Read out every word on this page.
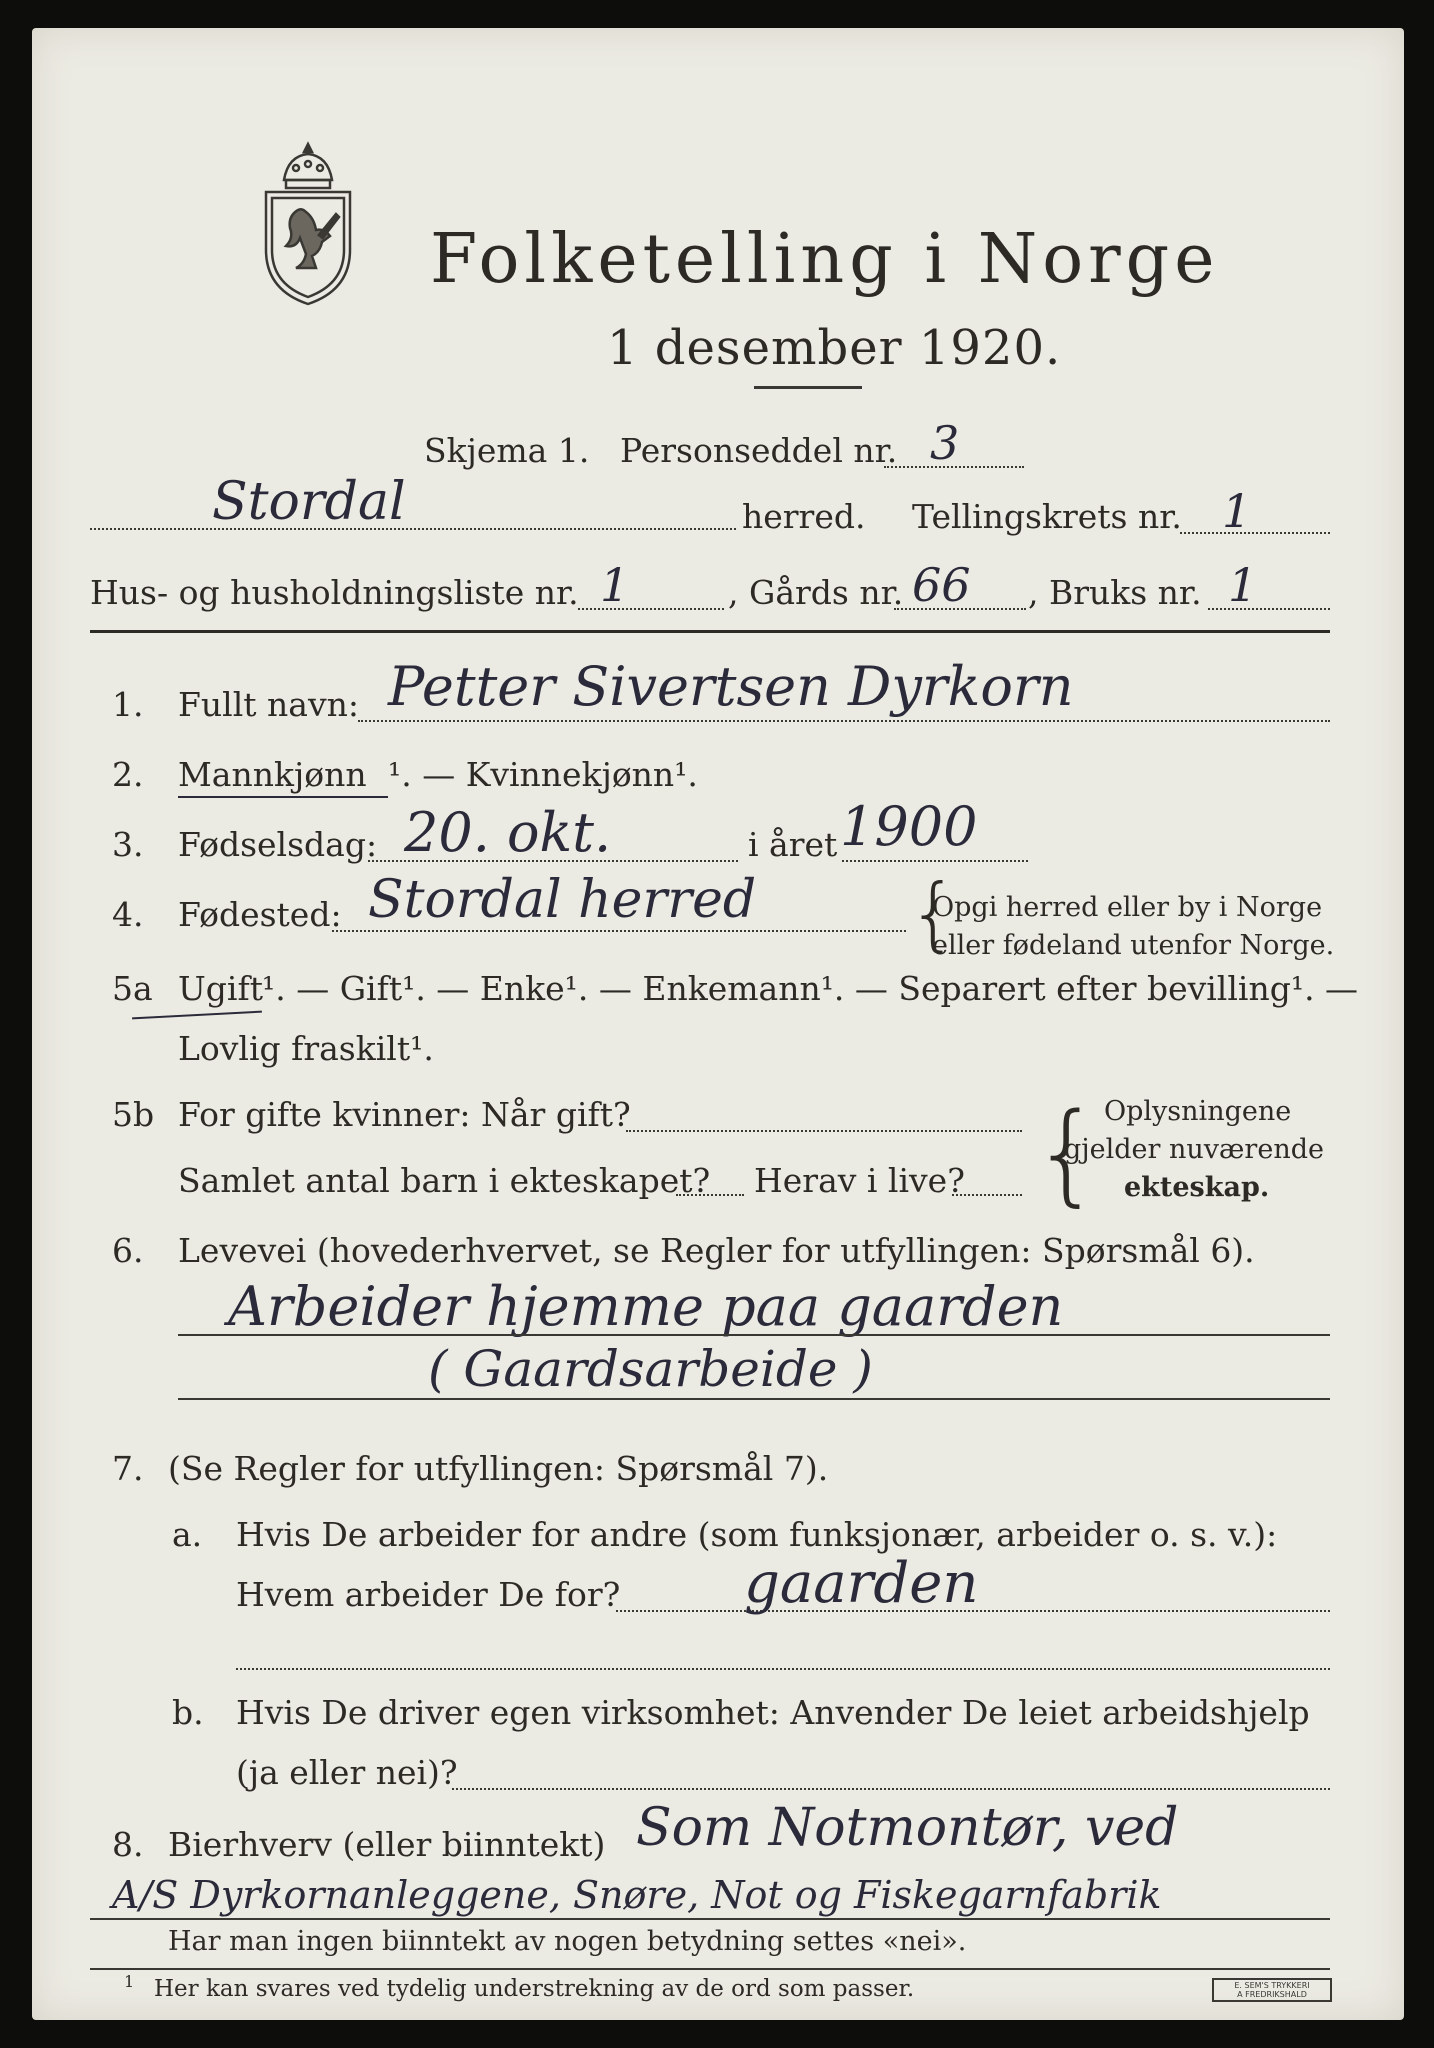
Folketelling i Norge
1 desember 1920.
Skjema 1. Personseddel nr. 3
Stordal	herred. Tellingskrets nr. 1
Hus- og husholdningsliste nr. 1	, Gårds nr. 66 , Bruks nr. 1
1. Fullt navn: Petter Sivertsen Dyrkorn
2. Mannkjønn ¹. — Kvinnekjønn¹.
3. Fødselsdag: 20. okt.	i året 1900
4. Fødested: Stordal herred {
Opgi herred eller by i Norge
eller fødeland utenfor Norge.
5a Ugift ¹. — Gift¹. — Enke¹. — Enkemann¹. — Separert efter bevilling¹. —
Lovlig fraskilt¹.
5b For gifte kvinner: Når gift?
Samlet antal barn i ekteskapet? Herav i live? { Oplysningene
gjelder nuværende
ekteskap.
6. Levevei (hovederhvervet, se Regler for utfyllingen: Spørsmål 6).
Arbeider hjemme paa gaarden
( Gaardsarbeide )
7. (Se Regler for utfyllingen: Spørsmål 7).
a. Hvis De arbeider for andre (som funksjonær, arbeider o. s. v.):
Hvem arbeider De for? gaarden
b. Hvis De driver egen virksomhet: Anvender De leiet arbeidshjelp
(ja eller nei)?
8. Bierhverv (eller biinntekt) Som Notmontør, ved
A/S Dyrkornanleggene, Snøre, Not og Fiskegarnfabrik
Har man ingen biinntekt av nogen betydning settes «nei».
1 Her kan svares ved tydelig understrekning av de ord som passer.	E. SEM'S TRYKKERI
A FREDRIKSHALD
